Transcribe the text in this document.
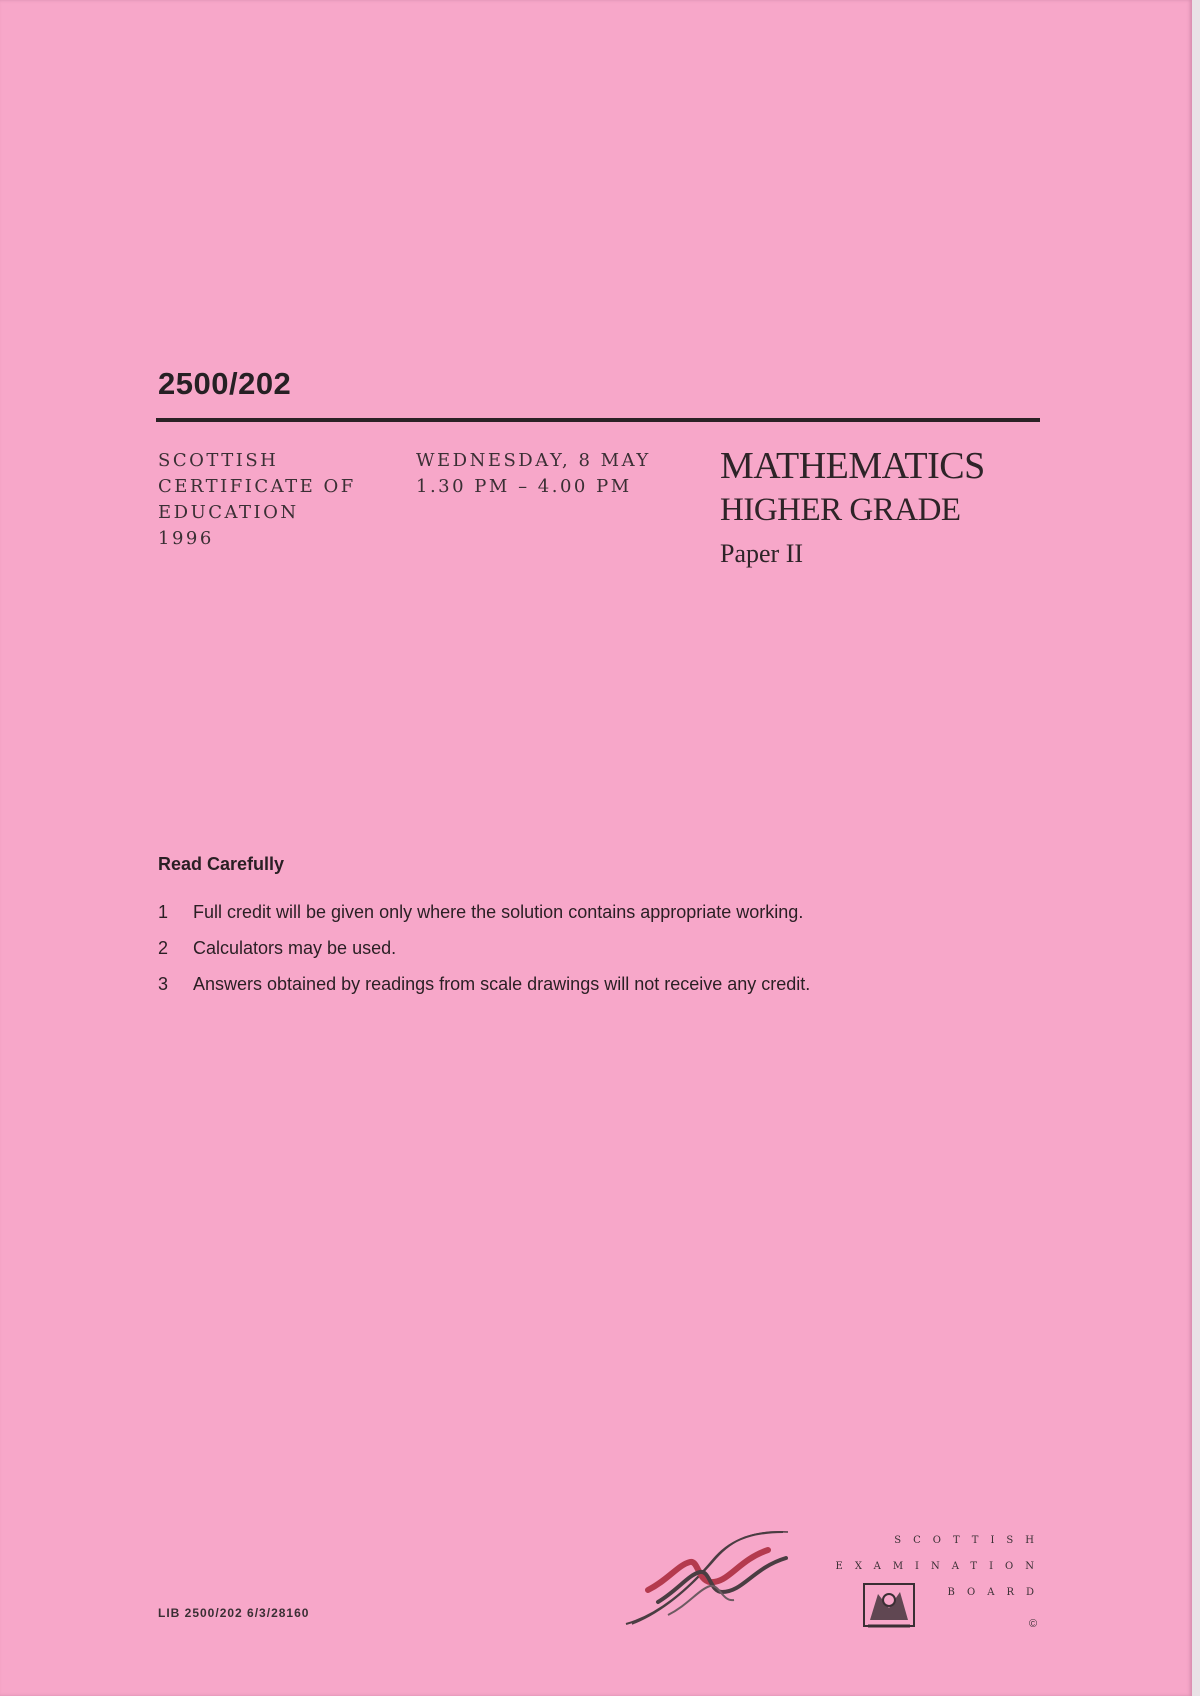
2500/202
SCOTTISH
CERTIFICATE OF
EDUCATION
1996
WEDNESDAY, 8 MAY
1.30 PM – 4.00 PM	MATHEMATICS
HIGHER GRADE
Paper II
Read Carefully
1 Full credit will be given only where the solution contains appropriate working.
2 Calculators may be used.
3 Answers obtained by readings from scale drawings will not receive any credit.
LIB 2500/202 6/3/28160
SCOTTISH
EXAMINATION
BOARD
©
